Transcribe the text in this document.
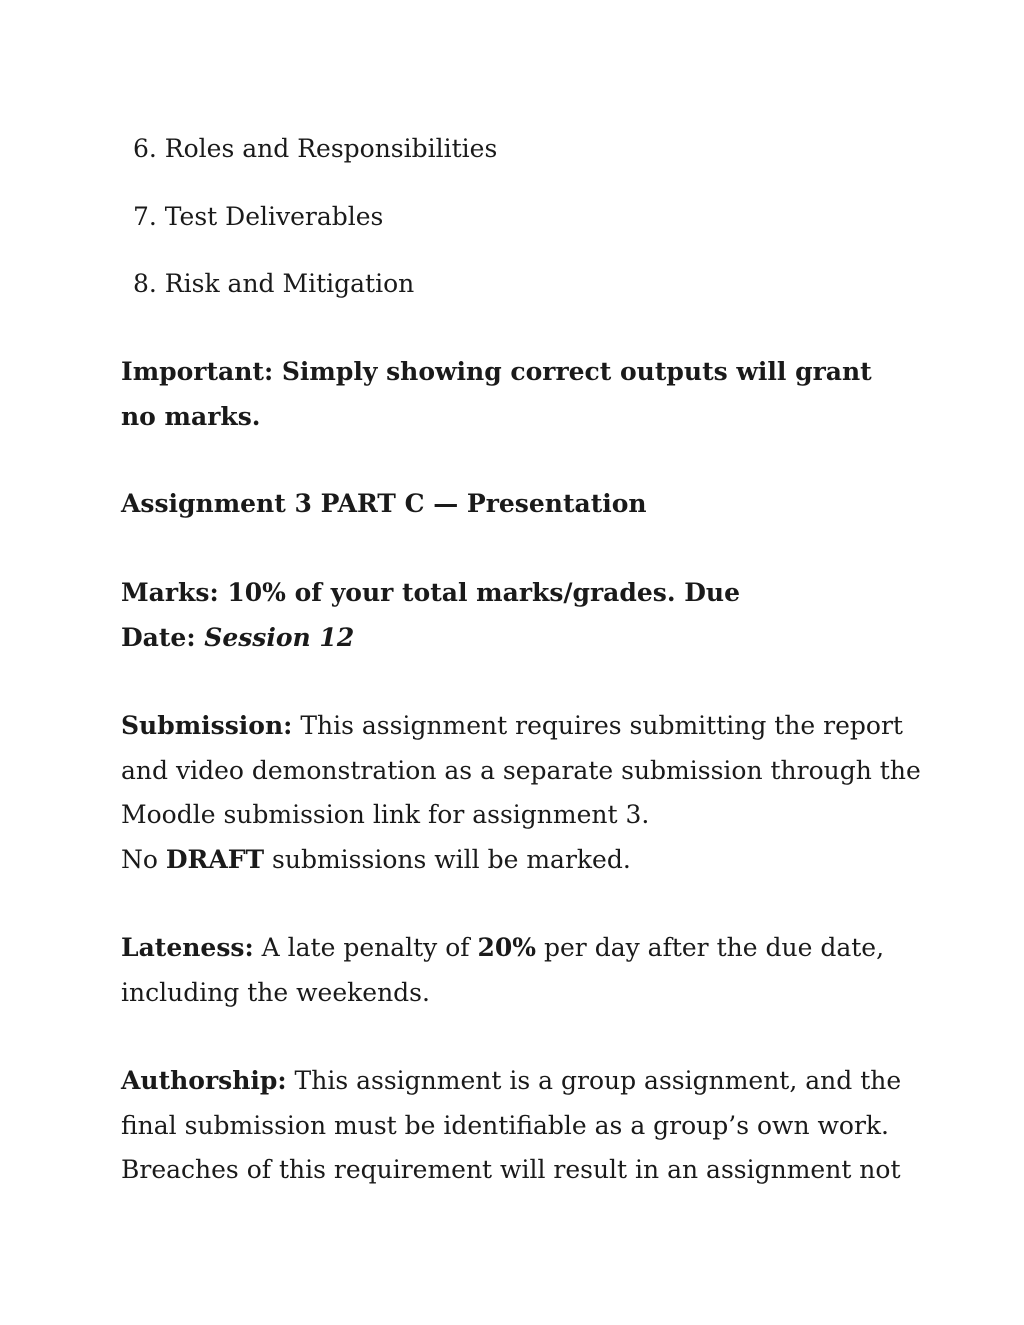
6. Roles and Responsibilities
7. Test Deliverables
8. Risk and Mitigation
Important: Simply showing correct outputs will grant
no marks.
Assignment 3 PART C — Presentation
Marks: 10% of your total marks/grades. Due
Date: Session 12
Submission: This assignment requires submitting the report
and video demonstration as a separate submission through the
Moodle submission link for assignment 3.
No DRAFT submissions will be marked.
Lateness: A late penalty of 20% per day after the due date,
including the weekends.
Authorship: This assignment is a group assignment, and the
final submission must be identifiable as a group’s own work.
Breaches of this requirement will result in an assignment not
